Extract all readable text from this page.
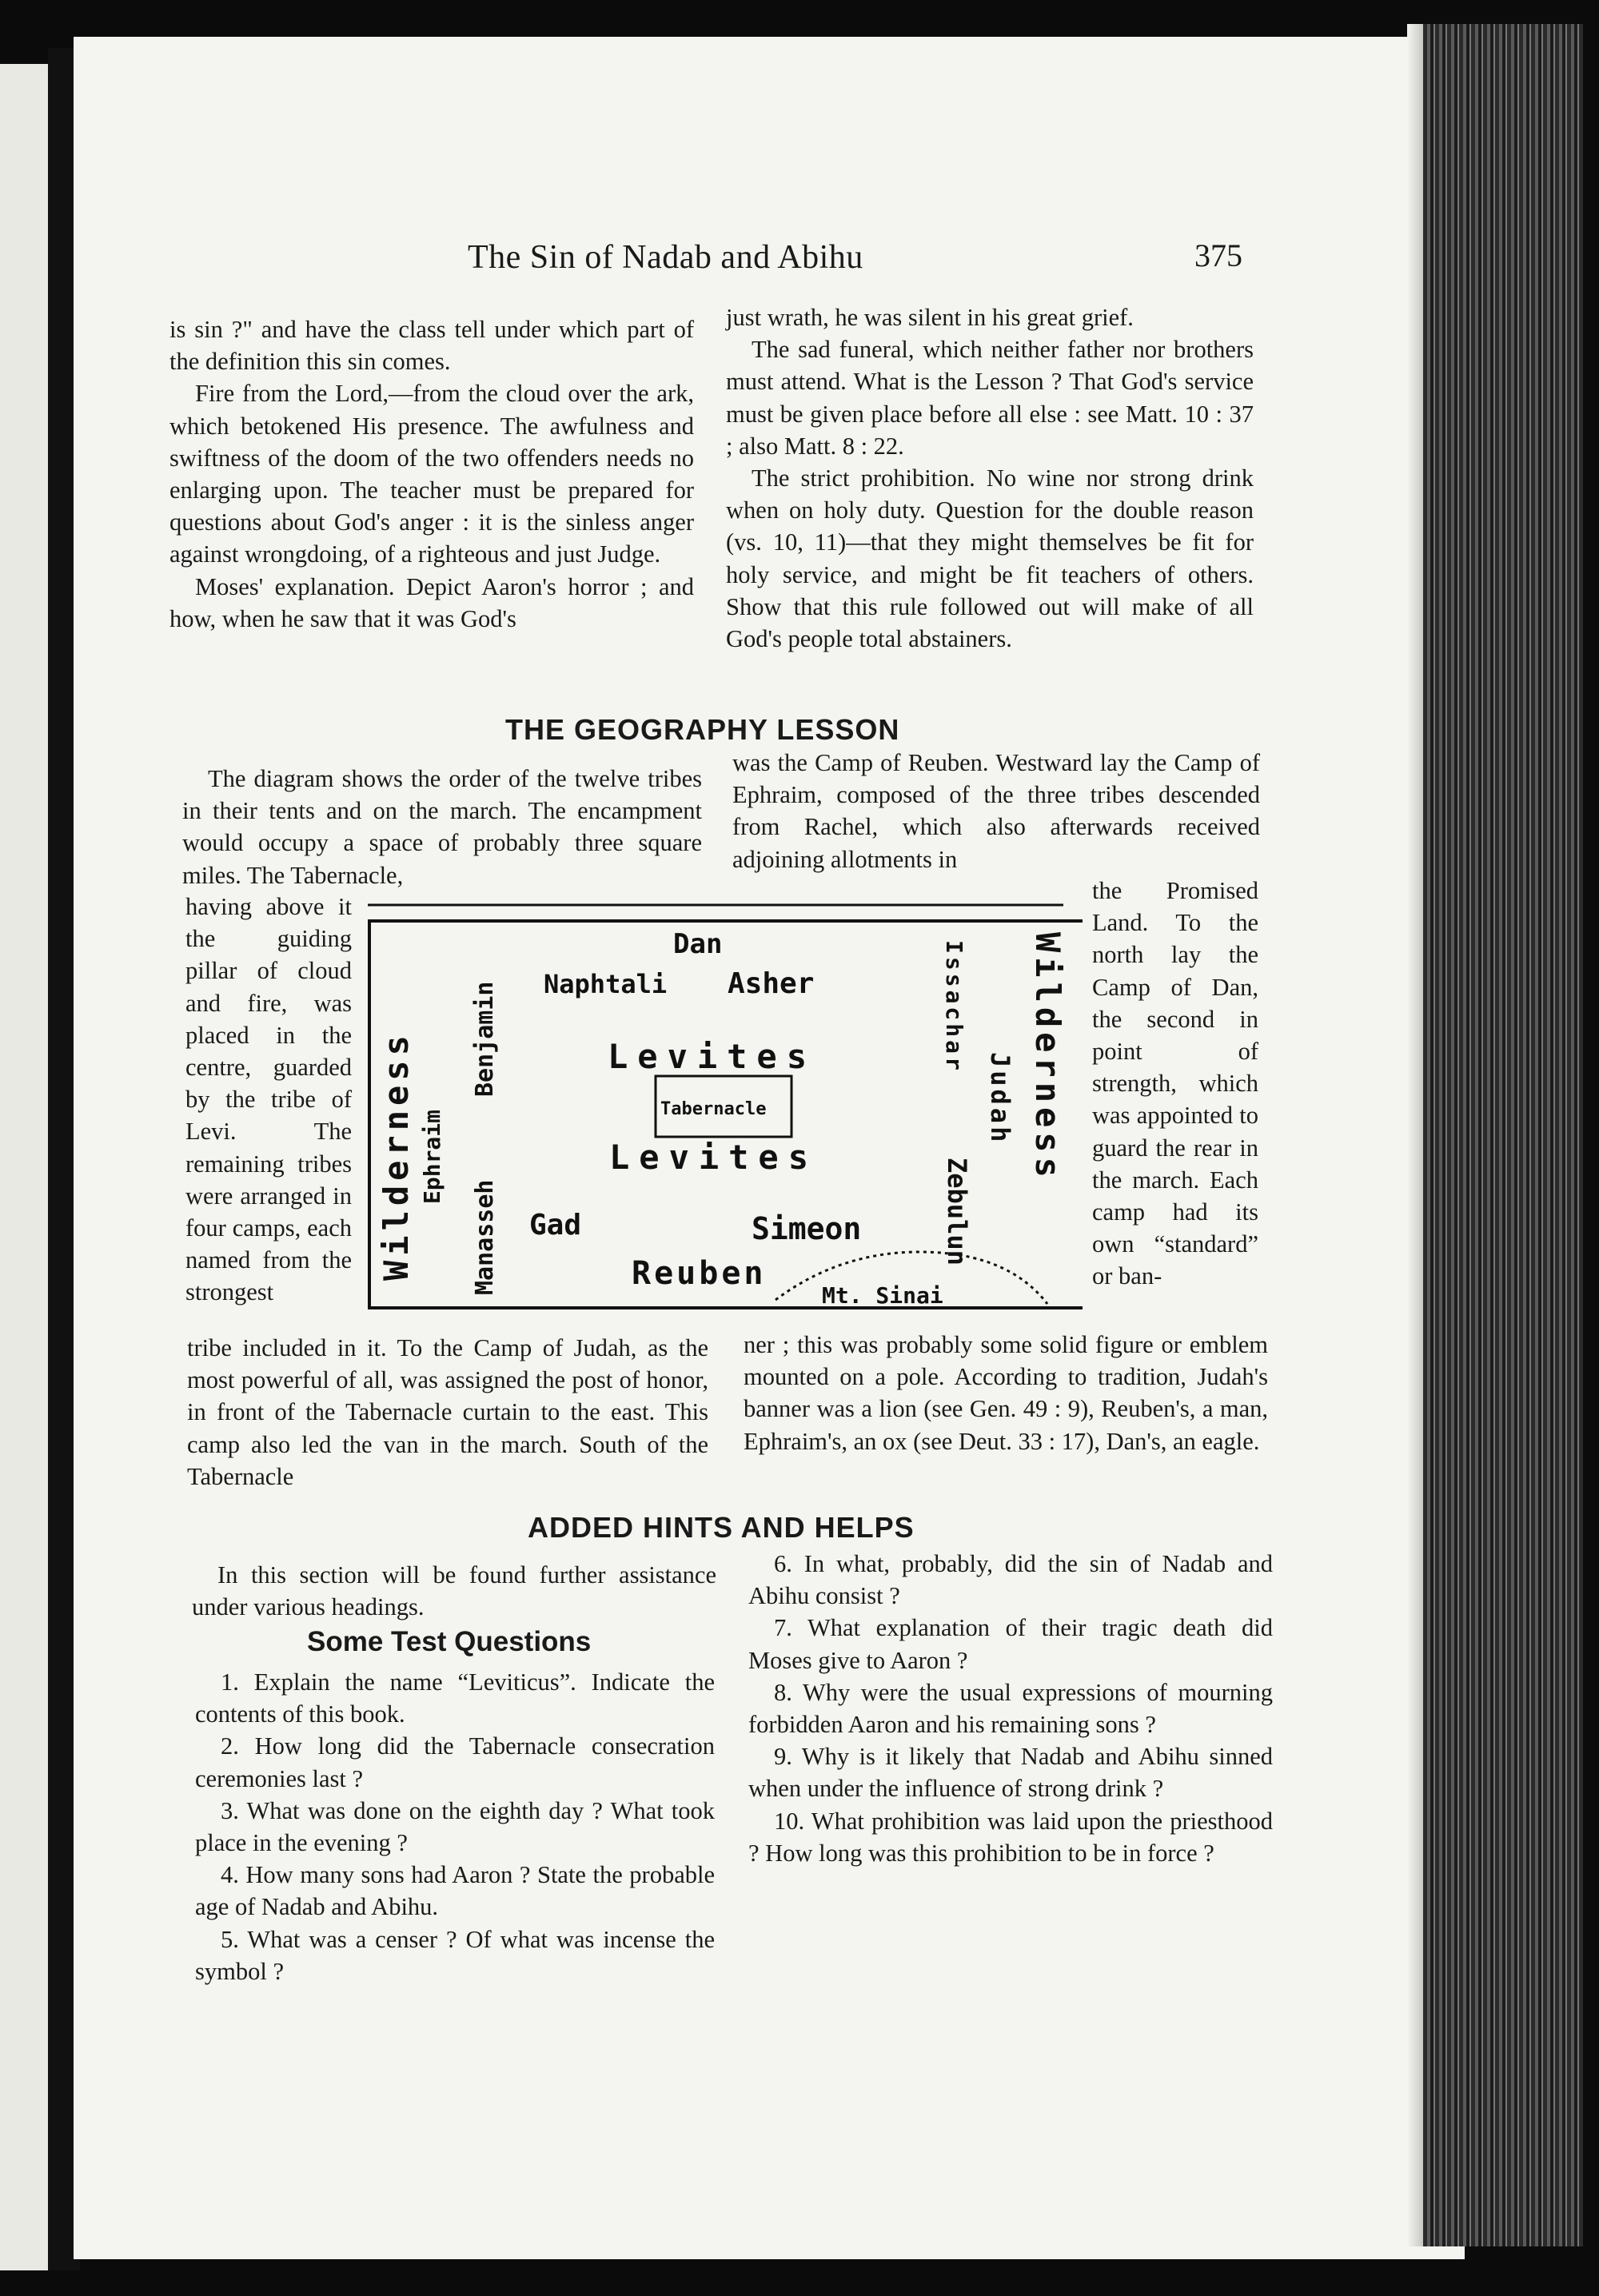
The Sin of Nadab and Abihu	375

is sin ?" and have the class tell under which part of the definition this sin comes.

Fire from the Lord,—from the cloud over the ark, which betokened His presence. The awfulness and swiftness of the doom of the two offenders needs no enlarging upon. The teacher must be prepared for questions about God's anger : it is the sinless anger against wrongdoing, of a righteous and just Judge.

Moses' explanation. Depict Aaron's horror ; and how, when he saw that it was God's

just wrath, he was silent in his great grief.

The sad funeral, which neither father nor brothers must attend. What is the Lesson ? That God's service must be given place before all else : see Matt. 10 : 37 ; also Matt. 8 : 22.

The strict prohibition. No wine nor strong drink when on holy duty. Question for the double reason (vs. 10, 11)—that they might themselves be fit for holy service, and might be fit teachers of others. Show that this rule followed out will make of all God's people total abstainers.

THE GEOGRAPHY LESSON

The diagram shows the order of the twelve tribes in their tents and on the march. The encampment would occupy a space of probably three square miles. The Tabernacle,

was the Camp of Reuben. Westward lay the Camp of Ephraim, composed of the three tribes descended from Rachel, which also afterwards received adjoining allotments in

having above it the guiding pillar of cloud and fire, was placed in the centre, guarded by the tribe of Levi. The remaining tribes were arranged in four camps, each named from the strongest

the Promised Land. To the north lay the Camp of Dan, the second in point of strength, which was appointed to guard the rear in the march. Each camp had its own “standard” or ban-

tribe included in it. To the Camp of Judah, as the most powerful of all, was assigned the post of honor, in front of the Tabernacle curtain to the east. This camp also led the van in the march. South of the Tabernacle

ner ; this was probably some solid figure or emblem mounted on a pole. According to tradition, Judah's banner was a lion (see Gen. 49 : 9), Reuben's, a man, Ephraim's, an ox (see Deut. 33 : 17), Dan's, an eagle.

Dan
Naphtali Asher
Levites
Tabernacle
Levites
Gad	Simeon
Reuben
Mt. Sinai
Benjamin
Ephraim
Manasseh
Wilderness
Issachar
Judah
Zebulun
Wilderness
ADDED HINTS AND HELPS

In this section will be found further assistance under various headings.

Some Test Questions

1. Explain the name “Leviticus”. Indicate the contents of this book.

2. How long did the Tabernacle consecration ceremonies last ?

3. What was done on the eighth day ? What took place in the evening ?

4. How many sons had Aaron ? State the probable age of Nadab and Abihu.

5. What was a censer ? Of what was incense the symbol ?

6. In what, probably, did the sin of Nadab and Abihu consist ?

7. What explanation of their tragic death did Moses give to Aaron ?

8. Why were the usual expressions of mourning forbidden Aaron and his remaining sons ?

9. Why is it likely that Nadab and Abihu sinned when under the influence of strong drink ?

10. What prohibition was laid upon the priesthood ? How long was this prohibition to be in force ?
